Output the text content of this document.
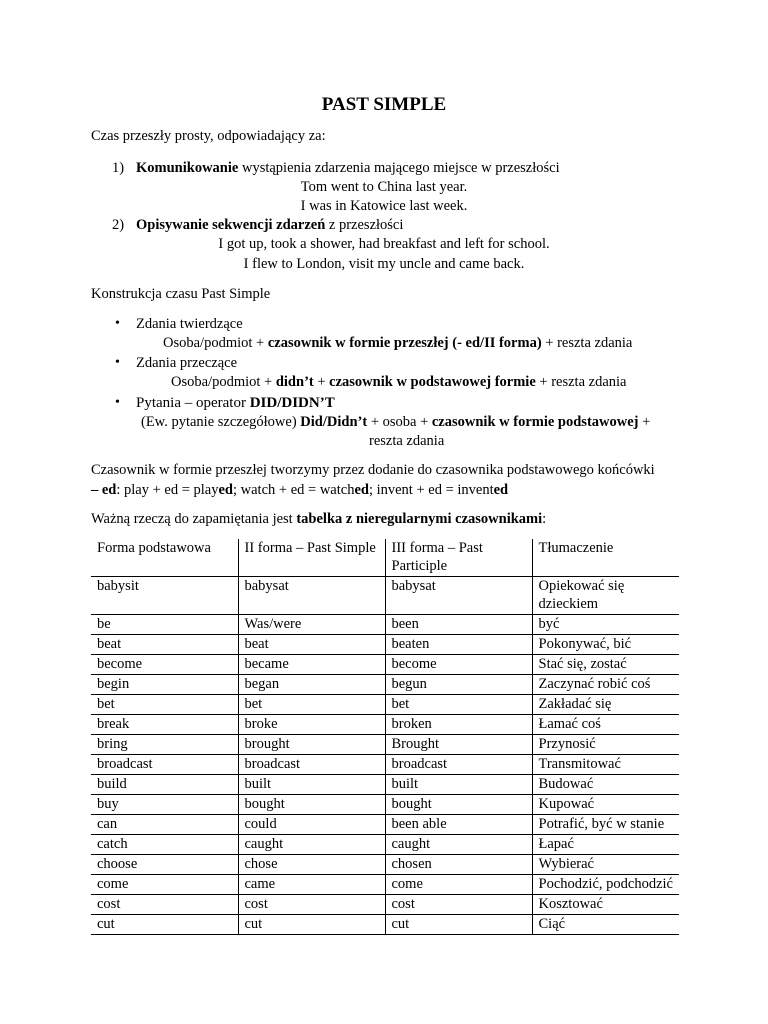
PAST SIMPLE
Czas przeszły prosty, odpowiadający za:
1) Komunikowanie wystąpienia zdarzenia mającego miejsce w przeszłości
Tom went to China last year.
I was in Katowice last week.
2) Opisywanie sekwencji zdarzeń z przeszłości
I got up, took a shower, had breakfast and left for school.
I flew to London, visit my uncle and came back.
Konstrukcja czasu Past Simple
• Zdania twierdzące
Osoba/podmiot + czasownik w formie przeszłej (- ed/II forma) + reszta zdania
• Zdania przeczące
Osoba/podmiot + didn’t + czasownik w podstawowej formie + reszta zdania
• Pytania – operator DID/DIDN’T
(Ew. pytanie szczegółowe) Did/Didn’t + osoba + czasownik w formie podstawowej +
reszta zdania
Czasownik w formie przeszłej tworzymy przez dodanie do czasownika podstawowego końcówki
– ed: play + ed = played; watch + ed = watched; invent + ed = invented
Ważną rzeczą do zapamiętania jest tabelka z nieregularnymi czasownikami:
Forma podstawowa	II forma – Past Simple	III forma – Past Participle	Tłumaczenie
babysit	babysat	babysat	Opiekować się dzieckiem
be	Was/were	been	być
beat	beat	beaten	Pokonywać, bić
become	became	become	Stać się, zostać
begin	began	begun	Zaczynać robić coś
bet	bet	bet	Zakładać się
break	broke	broken	Łamać coś
bring	brought	Brought	Przynosić
broadcast	broadcast	broadcast	Transmitować
build	built	built	Budować
buy	bought	bought	Kupować
can	could	been able	Potrafić, być w stanie
catch	caught	caught	Łapać
choose	chose	chosen	Wybierać
come	came	come	Pochodzić, podchodzić
cost	cost	cost	Kosztować
cut	cut	cut	Ciąć
